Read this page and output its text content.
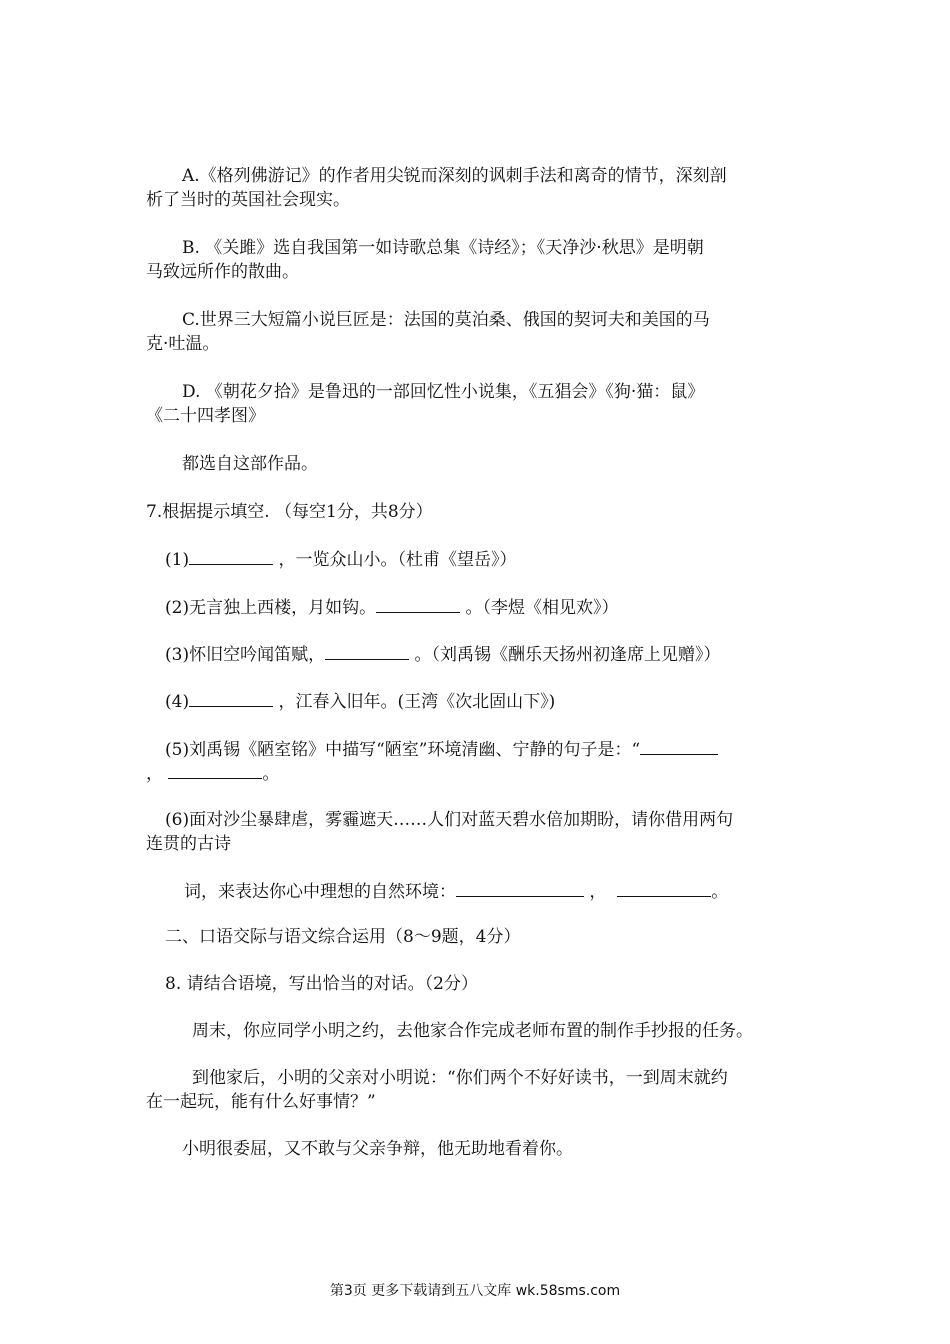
A.《格列佛游记》的作者用尖锐而深刻的讽刺手法和离奇的情节，深刻剖
析了当时的英国社会现实。
B. 《关雎》选自我国第一如诗歌总集《诗经》；《天净沙·秋思》是明朝
马致远所作的散曲。
C.世界三大短篇小说巨匠是：法国的莫泊桑、俄国的契诃夫和美国的马
克·吐温。
D. 《朝花夕拾》是鲁迅的一部回忆性小说集，《五猖会》《狗·猫：鼠》
《二十四孝图》
都选自这部作品。
7.根据提示填空. （每空1分，共8分）
(1)	，一览众山小。（杜甫《望岳》）
(2)无言独上西楼，月如钩。	。（李煜《相见欢》）
(3)怀旧空吟闻笛赋，	。（刘禹锡《酬乐天扬州初逢席上见赠》）
(4)	，江春入旧年。(王湾《次北固山下》)
(5)刘禹锡《陋室铭》中描写“陋室”环境清幽、宁静的句子是：“
，	。
(6)面对沙尘暴肆虐，雾霾遮天……人们对蓝天碧水倍加期盼，请你借用两句
连贯的古诗
词，来表达你心中理想的自然环境：	，	。
二、口语交际与语文综合运用（8～9题，4分）
8. 请结合语境，写出恰当的对话。（2分）
周末，你应同学小明之约，去他家合作完成老师布置的制作手抄报的任务。
到他家后，小明的父亲对小明说：“你们两个不好好读书，一到周末就约
在一起玩，能有什么好事情？”
小明很委屈，又不敢与父亲争辩，他无助地看着你。
第3页 更多下载请到五八文库 wk.58sms.com
